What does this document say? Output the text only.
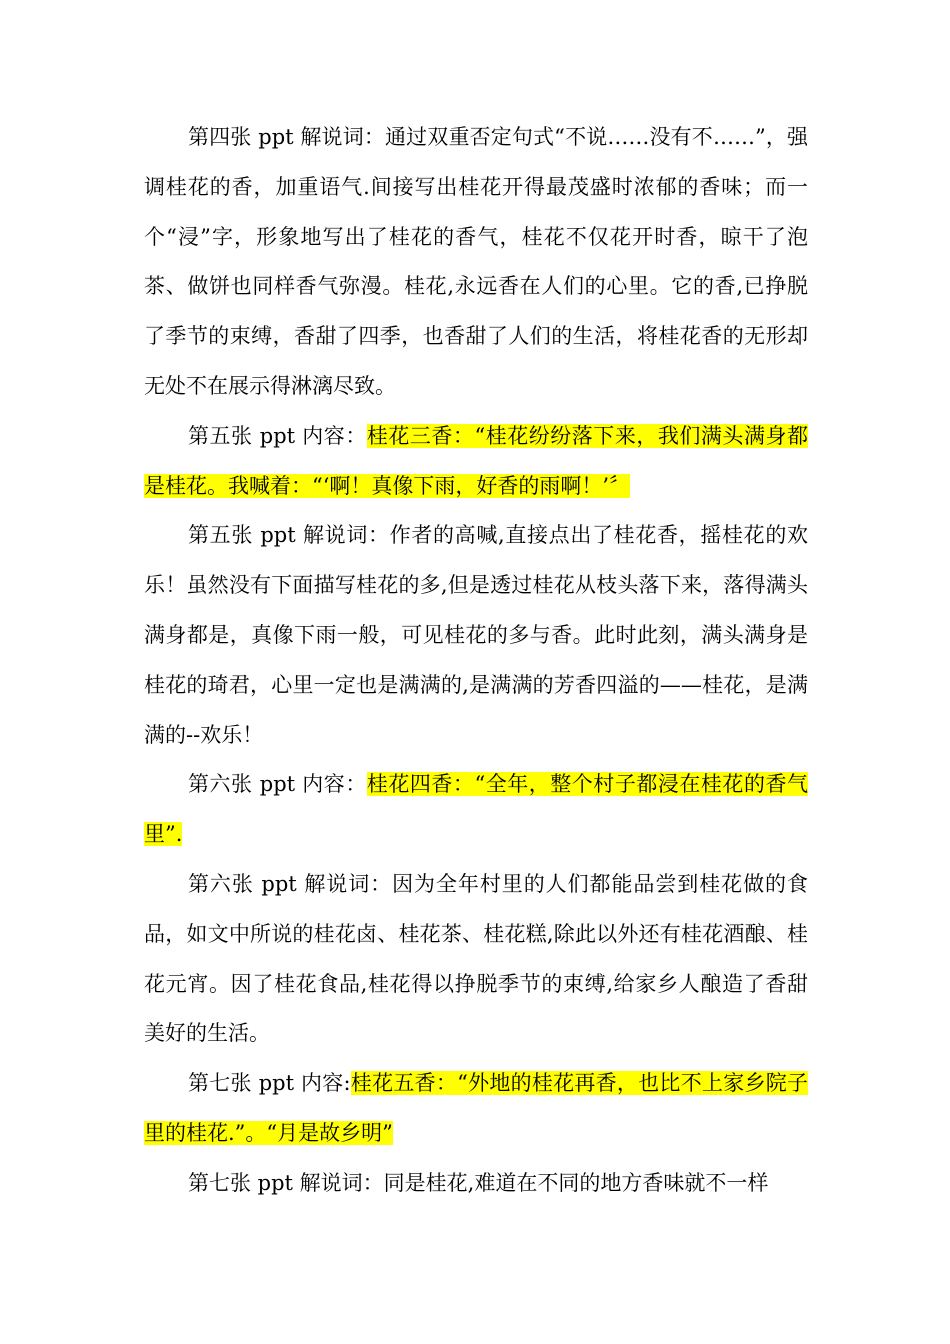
第四张 ppt 解说词：通过双重否定句式“不说……没有不……”，强调桂花的香，加重语气.间接写出桂花开得最茂盛时浓郁的香味；而一个“浸”字，形象地写出了桂花的香气，桂花不仅花开时香，晾干了泡茶、做饼也同样香气弥漫。桂花,永远香在人们的心里。它的香,已挣脱了季节的束缚，香甜了四季，也香甜了人们的生活，将桂花香的无形却无处不在展示得淋漓尽致。

第五张 ppt 内容：桂花三香：“桂花纷纷落下来，我们满头满身都是桂花。我喊着：“‘啊！真像下雨，好香的雨啊！’〞

第五张 ppt 解说词：作者的高喊,直接点出了桂花香，摇桂花的欢乐！虽然没有下面描写桂花的多,但是透过桂花从枝头落下来，落得满头满身都是，真像下雨一般，可见桂花的多与香。此时此刻，满头满身是桂花的琦君，心里一定也是满满的,是满满的芳香四溢的——桂花，是满满的--欢乐！

第六张 ppt 内容：桂花四香：“全年，整个村子都浸在桂花的香气里”.

第六张 ppt 解说词：因为全年村里的人们都能品尝到桂花做的食品，如文中所说的桂花卤、桂花茶、桂花糕,除此以外还有桂花酒酿、桂花元宵。因了桂花食品,桂花得以挣脱季节的束缚,给家乡人酿造了香甜美好的生活。

第七张 ppt 内容:桂花五香：“外地的桂花再香，也比不上家乡院子里的桂花.”。“月是故乡明”

第七张 ppt 解说词：同是桂花,难道在不同的地方香味就不一样
